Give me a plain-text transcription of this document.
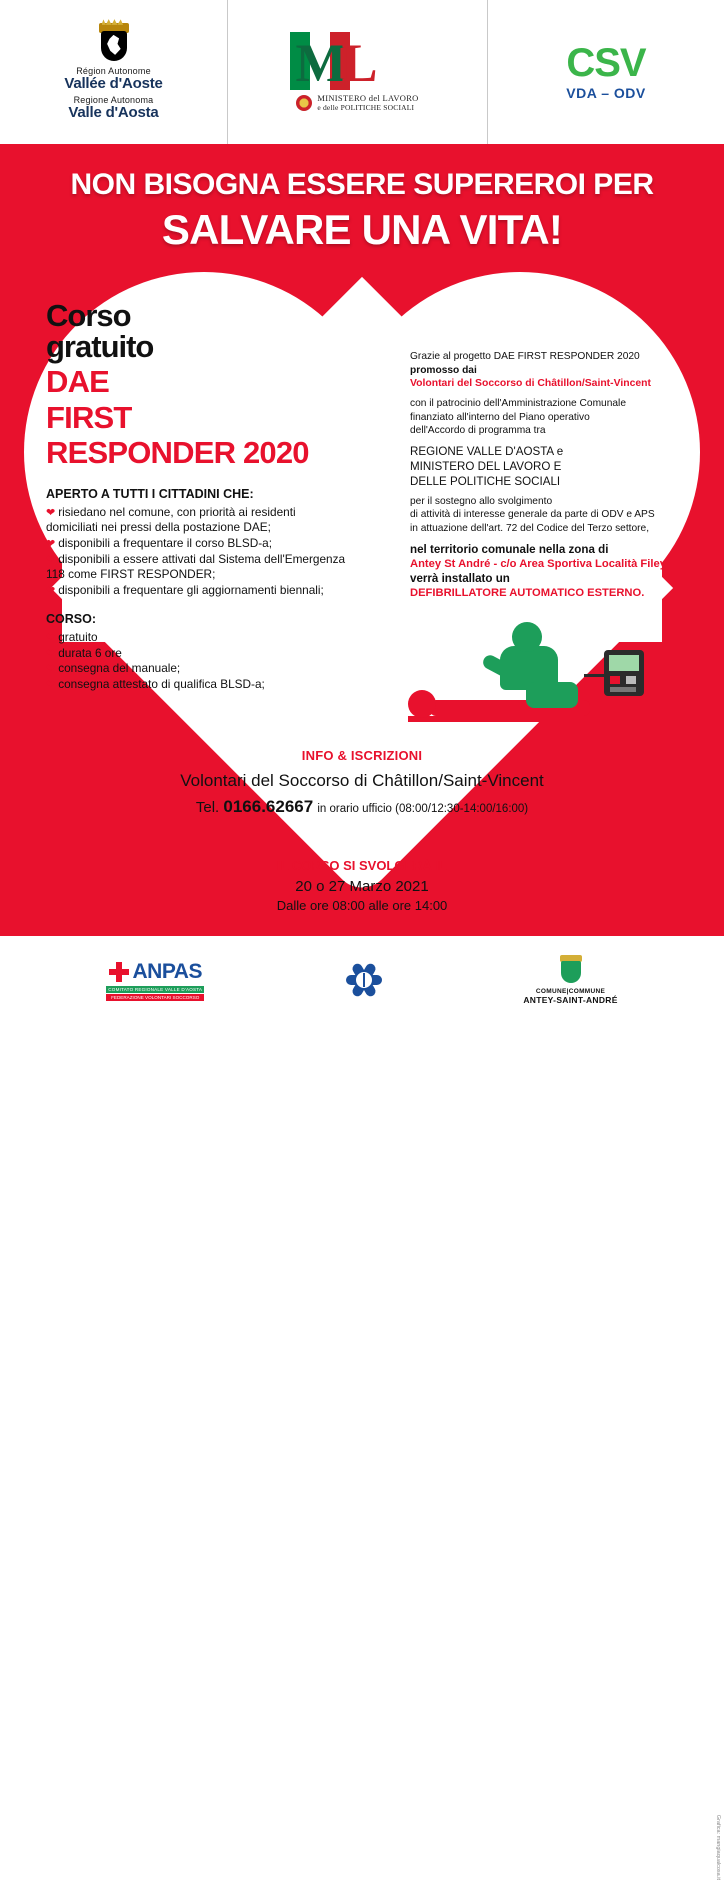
Région Autonome
Vallée d'Aoste
Regione Autonoma
Valle d'Aosta
M
L
MINISTERO del LAVORO
e delle POLITICHE SOCIALI
CSV
VDA – ODV
NON BISOGNA ESSERE SUPEREROI PER
SALVARE UNA VITA!
Corso
gratuito
DAE
FIRST
RESPONDER 2020
APERTO A TUTTI I CITTADINI CHE:
❤ risiedano nel comune, con priorità ai residenti domiciliati nei pressi della postazione DAE;
❤ disponibili a frequentare il corso BLSD-a;
❤ disponibili a essere attivati dal Sistema dell'Emergenza 118 come FIRST RESPONDER;
❤ disponibili a frequentare gli aggiornamenti biennali;
CORSO:
❤ gratuito
❤ durata 6 ore
❤ consegna del manuale;
❤ consegna attestato di qualifica BLSD-a;

Grazie al progetto DAE FIRST RESPONDER 2020

promosso dai

Volontari del Soccorso di Châtillon/Saint-Vincent

con il patrocinio dell'Amministrazione Comunale

finanziato all'interno del Piano operativo

dell'Accordo di programma tra

REGIONE VALLE D'AOSTA e

MINISTERO DEL LAVORO E

DELLE POLITICHE SOCIALI

per il sostegno allo svolgimento

di attività di interesse generale da parte di ODV e APS

in attuazione dell'art. 72 del Codice del Terzo settore,

nel territorio comunale nella zona di

Antey St André - c/o Area Sportiva Località Filey

verrà installato un

DEFIBRILLATORE AUTOMATICO ESTERNO.

INFO & ISCRIZIONI
Volontari del Soccorso di Châtillon/Saint-Vincent
Tel. 0166.62667 in orario ufficio (08:00/12:30-14:00/16:00)
IL CORSO SI SVOLGERÀ IL
20 o 27 Marzo 2021
Dalle ore 08:00 alle ore 14:00
ANPAS
COMITATO REGIONALE VALLE D'AOSTA
FEDERAZIONE VOLONTARI SOCCORSO
COMUNE|COMMUNE
ANTEY-SAINT-ANDRÉ
Grafica: mangiaqualcosa.it
